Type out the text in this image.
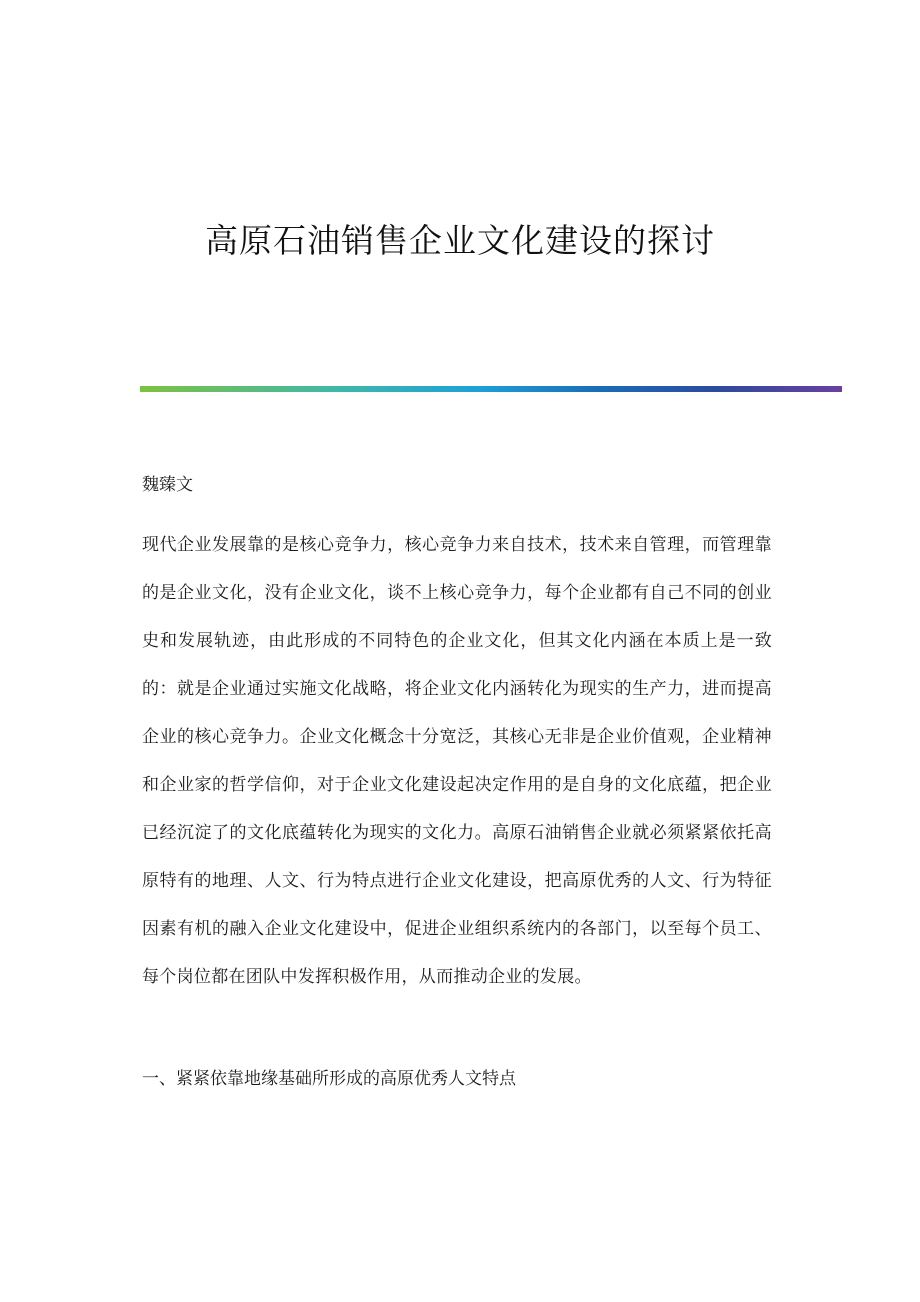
高原石油销售企业文化建设的探讨

魏臻文

现代企业发展靠的是核心竞争力，核心竞争力来自技术，技术来自管理，而管理靠的是企业文化，没有企业文化，谈不上核心竞争力，每个企业都有自己不同的创业史和发展轨迹，由此形成的不同特色的企业文化，但其文化内涵在本质上是一致的：就是企业通过实施文化战略，将企业文化内涵转化为现实的生产力，进而提高企业的核心竞争力。企业文化概念十分宽泛，其核心无非是企业价值观，企业精神和企业家的哲学信仰，对于企业文化建设起决定作用的是自身的文化底蕴，把企业已经沉淀了的文化底蕴转化为现实的文化力。高原石油销售企业就必须紧紧依托高原特有的地理、人文、行为特点进行企业文化建设，把高原优秀的人文、行为特征因素有机的融入企业文化建设中，促进企业组织系统内的各部门，以至每个员工、每个岗位都在团队中发挥积极作用，从而推动企业的发展。

一、紧紧依靠地缘基础所形成的高原优秀人文特点
